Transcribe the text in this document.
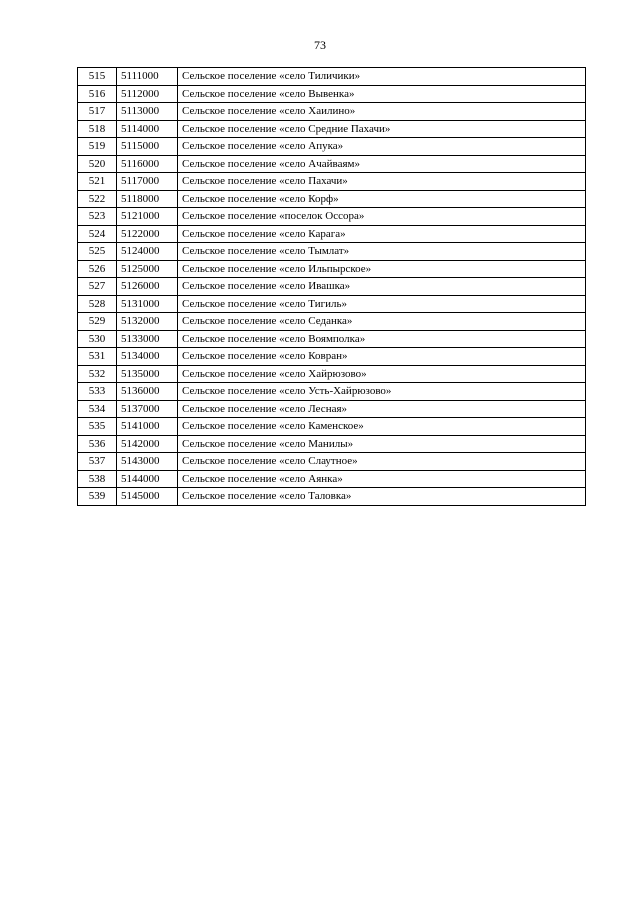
73
515	5111000	Сельское поселение «село Тиличики»
516	5112000	Сельское поселение «село Вывенка»
517	5113000	Сельское поселение «село Хаилино»
518	5114000	Сельское поселение «село Средние Пахачи»
519	5115000	Сельское поселение «село Апука»
520	5116000	Сельское поселение «село Ачайваям»
521	5117000	Сельское поселение «село Пахачи»
522	5118000	Сельское поселение «село Корф»
523	5121000	Сельское поселение «поселок Оссора»
524	5122000	Сельское поселение «село Карага»
525	5124000	Сельское поселение «село Тымлат»
526	5125000	Сельское поселение «село Ильпырское»
527	5126000	Сельское поселение «село Ивашка»
528	5131000	Сельское поселение «село Тигиль»
529	5132000	Сельское поселение «село Седанка»
530	5133000	Сельское поселение «село Воямполка»
531	5134000	Сельское поселение «село Ковран»
532	5135000	Сельское поселение «село Хайрюзово»
533	5136000	Сельское поселение «село Усть-Хайрюзово»
534	5137000	Сельское поселение «село Лесная»
535	5141000	Сельское поселение «село Каменское»
536	5142000	Сельское поселение «село Манилы»
537	5143000	Сельское поселение «село Слаутное»
538	5144000	Сельское поселение «село Аянка»
539	5145000	Сельское поселение «село Таловка»
